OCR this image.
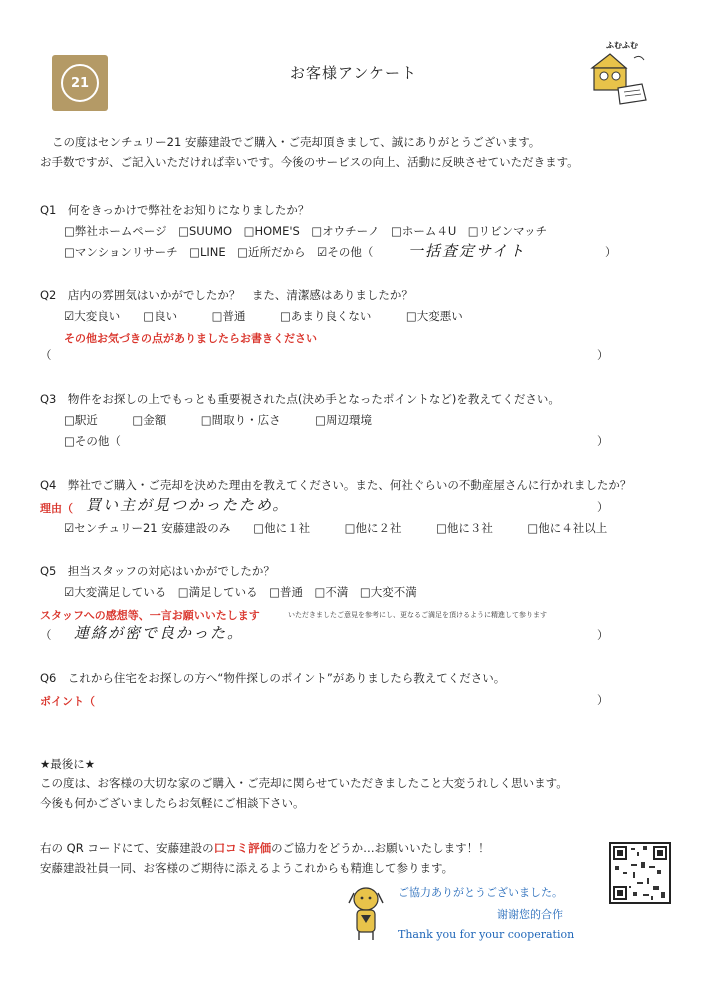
21
お客様アンケート
ふむふむ
この度はセンチュリー21 安藤建設でご購入・ご売却頂きまして、誠にありがとうございます。
お手数ですが、ご記入いただければ幸いです。今後のサービスの向上、活動に反映させていただきます。
Q1　何をきっかけで弊社をお知りになりましたか？
□弊社ホームページ　□SUUMO　□HOME'S　□オウチーノ　□ホーム４U　□リビンマッチ
□マンションリサーチ　□LINE　□近所だから　☑その他（ 一括査定サイト	）
Q2　店内の雰囲気はいかがでしたか？　また、清潔感はありましたか？
☑大変良い　　□良い　　　□普通　　　□あまり良くない　　　□大変悪い
その他お気づきの点がありましたらお書きください
（	）
Q3　物件をお探しの上でもっとも重要視された点(決め手となったポイントなど)を教えてください。
□駅近　　　□金額　　　□間取り・広さ　　　□周辺環境
□その他（	）
Q4　弊社でご購入・ご売却を決めた理由を教えてください。また、何社ぐらいの不動産屋さんに行かれましたか？
理由（ 買い主が見つかったため。	）
☑センチュリー21 安藤建設のみ　　□他に１社　　　□他に２社　　　□他に３社　　　□他に４社以上
Q5　担当スタッフの対応はいかがでしたか？
☑大変満足している　□満足している　□普通　□不満　□大変不満
スタッフへの感想等、一言お願いいたします	いただきましたご意見を参考にし、更なるご満足を頂けるように精進して参ります
（ 連絡が密で良かった。	）
Q6　これから住宅をお探しの方へ“物件探しのポイント”がありましたら教えてください。
ポイント（	）
★最後に★
この度は、お客様の大切な家のご購入・ご売却に関らせていただきましたこと大変うれしく思います。
今後も何かございましたらお気軽にご相談下さい。
右の QR コードにて、安藤建設の口コミ評価のご協力をどうか…お願いいたします！！
安藤建設社員一同、お客様のご期待に添えるようこれからも精進して参ります。
ご協力ありがとうございました。
谢谢您的合作
Thank you for your cooperation
